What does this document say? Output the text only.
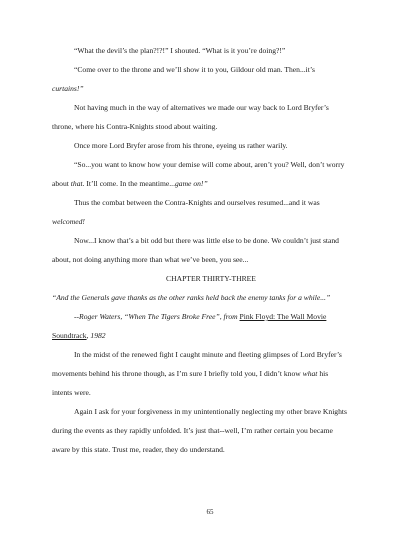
“What the devil’s the plan?!?!” I shouted. “What is it you’re doing?!”
“Come over to the throne and we’ll show it to you, Gildour old man. Then...it’s
curtains!”
Not having much in the way of alternatives we made our way back to Lord Bryfer’s
throne, where his Contra-Knights stood about waiting.
Once more Lord Bryfer arose from his throne, eyeing us rather warily.
“So...you want to know how your demise will come about, aren’t you? Well, don’t worry
about that. It’ll come. In the meantime...game on!”
Thus the combat between the Contra-Knights and ourselves resumed...and it was
welcomed!
Now...I know that’s a bit odd but there was little else to be done. We couldn’t just stand
about, not doing anything more than what we’ve been, you see...
CHAPTER THIRTY-THREE
“And the Generals gave thanks as the other ranks held back the enemy tanks for a while...”
--Roger Waters, “When The Tigers Broke Free”, from Pink Floyd: The Wall Movie
Soundtrack, 1982
In the midst of the renewed fight I caught minute and fleeting glimpses of Lord Bryfer’s
movements behind his throne though, as I’m sure I briefly told you, I didn’t know what his
intents were.
Again I ask for your forgiveness in my unintentionally neglecting my other brave Knights
during the events as they rapidly unfolded. It’s just that--well, I’m rather certain you became
aware by this state. Trust me, reader, they do understand.
65
